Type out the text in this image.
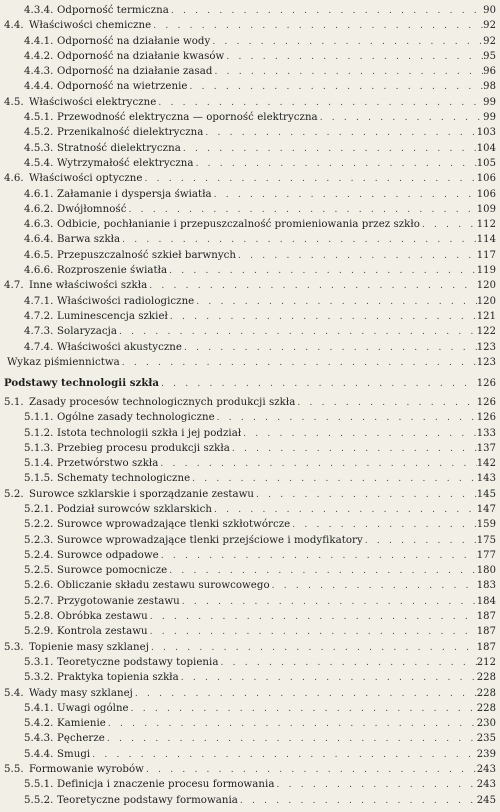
4.3.4. Odporność termiczna . . .	90
4.4. Właściwości chemiczne . . .	92
4.4.1. Odporność na działanie wody . . .	92
4.4.2. Odporność na działanie kwasów . . .	95
4.4.3. Odporność na działanie zasad . . .	96
4.4.4. Odporność na wietrzenie . . .	98
4.5. Właściwości elektryczne . . .	99
4.5.1. Przewodność elektryczna — oporność elektryczna . . .	99
4.5.2. Przenikalność dielektryczna . . .	103
4.5.3. Stratność dielektryczna . . .	104
4.5.4. Wytrzymałość elektryczna . . .	105
4.6. Właściwości optyczne . . .	106
4.6.1. Załamanie i dyspersja światła . . .	106
4.6.2. Dwójłomność . . .	109
4.6.3. Odbicie, pochłanianie i przepuszczalność promieniowania przez szkło . . .	112
4.6.4. Barwa szkła . . .	114
4.6.5. Przepuszczalność szkieł barwnych . . .	117
4.6.6. Rozproszenie światła . . .	119
4.7. Inne właściwości szkła . . .	120
4.7.1. Właściwości radiologiczne . . .	120
4.7.2. Luminescencja szkieł . . .	121
4.7.3. Solaryzacja . . .	122
4.7.4. Właściwości akustyczne . . .	123
Wykaz piśmiennictwa . . .	123
Podstawy technologii szkła . . .	126
5.1. Zasady procesów technologicznych produkcji szkła . . .	126
5.1.1. Ogólne zasady technologiczne . . .	126
5.1.2. Istota technologii szkła i jej podział . . .	133
5.1.3. Przebieg procesu produkcji szkła . . .	137
5.1.4. Przetwórstwo szkła . . .	142
5.1.5. Schematy technologiczne . . .	143
5.2. Surowce szklarskie i sporządzanie zestawu . . .	145
5.2.1. Podział surowców szklarskich . . .	147
5.2.2. Surowce wprowadzające tlenki szkłotwórcze . . .	159
5.2.3. Surowce wprowadzające tlenki przejściowe i modyfikatory . . .	175
5.2.4. Surowce odpadowe . . .	177
5.2.5. Surowce pomocnicze . . .	180
5.2.6. Obliczanie składu zestawu surowcowego . . .	183
5.2.7. Przygotowanie zestawu . . .	184
5.2.8. Obróbka zestawu . . .	187
5.2.9. Kontrola zestawu . . .	187
5.3. Topienie masy szklanej . . .	187
5.3.1. Teoretyczne podstawy topienia . . .	212
5.3.2. Praktyka topienia szkła . . .	228
5.4. Wady masy szklanej . . .	228
5.4.1. Uwagi ogólne . . .	228
5.4.2. Kamienie . . .	230
5.4.3. Pęcherze . . .	235
5.4.4. Smugi . . .	239
5.5. Formowanie wyrobów . . .	243
5.5.1. Definicja i znaczenie procesu formowania . . .	243
5.5.2. Teoretyczne podstawy formowania . . .	245
